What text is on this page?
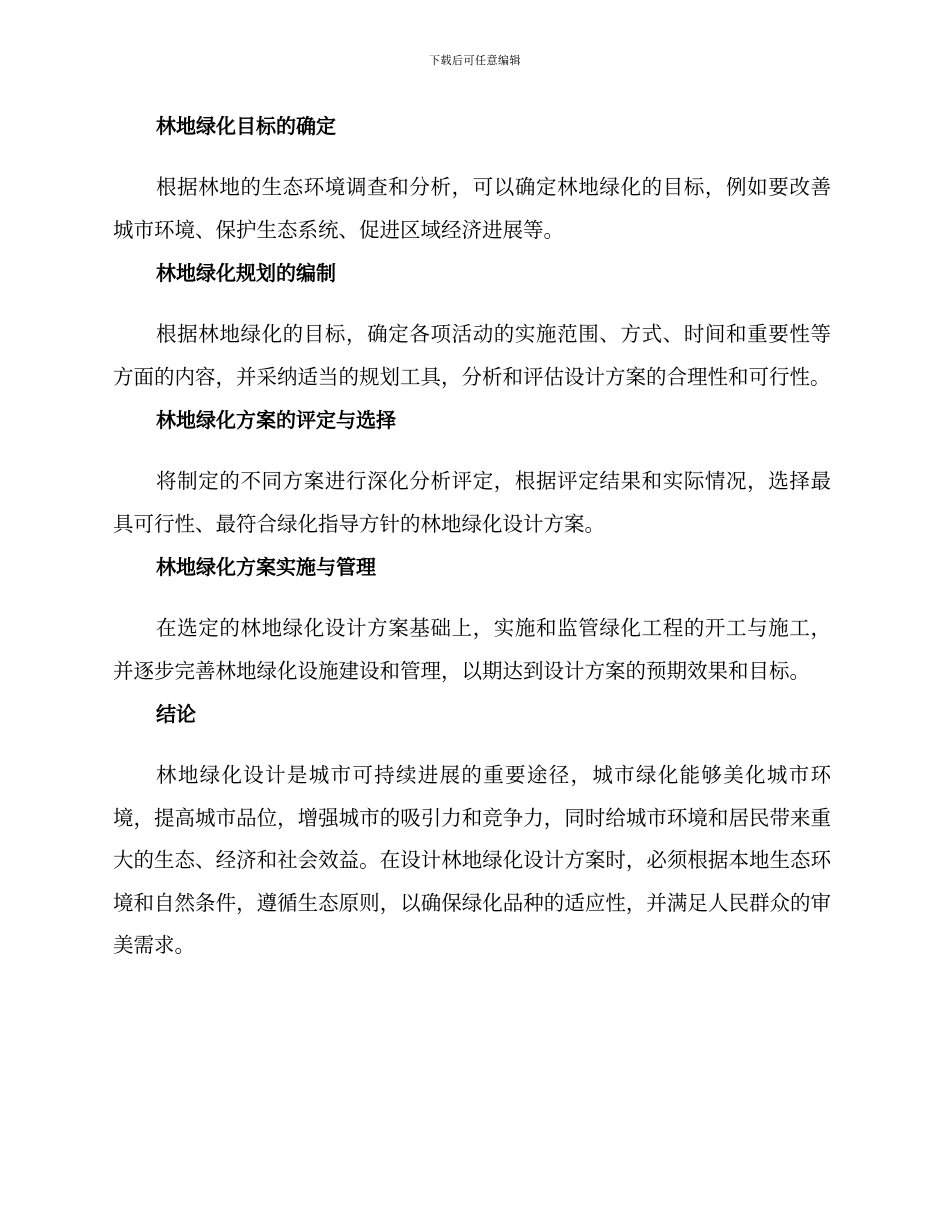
下载后可任意编辑
林地绿化目标的确定

根据林地的生态环境调查和分析，可以确定林地绿化的目标，例如要改善城市环境、保护生态系统、促进区域经济进展等。

林地绿化规划的编制

根据林地绿化的目标，确定各项活动的实施范围、方式、时间和重要性等方面的内容，并采纳适当的规划工具，分析和评估设计方案的合理性和可行性。

林地绿化方案的评定与选择

将制定的不同方案进行深化分析评定，根据评定结果和实际情况，选择最具可行性、最符合绿化指导方针的林地绿化设计方案。

林地绿化方案实施与管理

在选定的林地绿化设计方案基础上，实施和监管绿化工程的开工与施工，并逐步完善林地绿化设施建设和管理，以期达到设计方案的预期效果和目标。

结论

林地绿化设计是城市可持续进展的重要途径，城市绿化能够美化城市环境，提高城市品位，增强城市的吸引力和竞争力，同时给城市环境和居民带来重大的生态、经济和社会效益。在设计林地绿化设计方案时，必须根据本地生态环境和自然条件，遵循生态原则，以确保绿化品种的适应性，并满足人民群众的审美需求。
